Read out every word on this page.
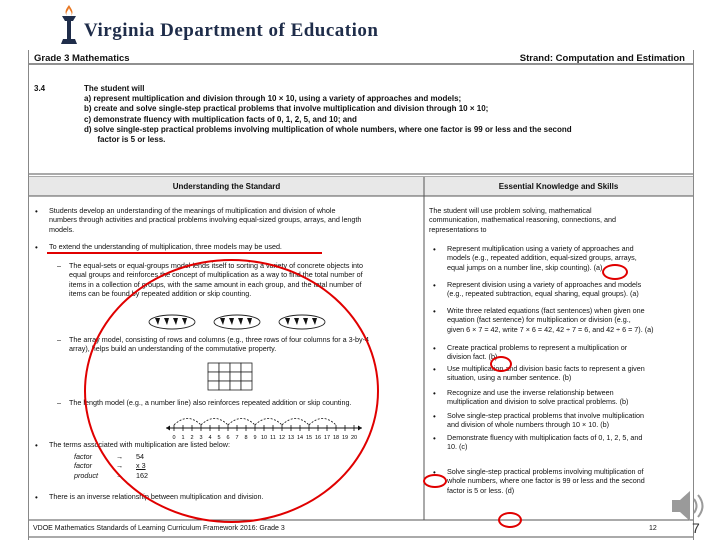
Virginia Department of Education
Grade 3 Mathematics	Strand: Computation and Estimation
3.4	The student will
a) represent multiplication and division through 10 × 10, using a variety of approaches and models;
b) create and solve single-step practical problems that involve multiplication and division through 10 × 10;
c) demonstrate fluency with multiplication facts of 0, 1, 2, 5, and 10; and
d) solve single-step practical problems involving multiplication of whole numbers, where one factor is 99 or less and the second
factor is 5 or less.
Understanding the Standard	Essential Knowledge and Skills
• Students develop an understanding of the meanings of multiplication and division of whole
numbers through activities and practical problems involving equal-sized groups, arrays, and length
models.
• To extend the understanding of multiplication, three models may be used.
– The equal-sets or equal-groups model lends itself to sorting a variety of concrete objects into
equal groups and reinforces the concept of multiplication as a way to find the total number of
items in a collection of groups, with the same amount in each group, and the total number of
items can be found by repeated addition or skip counting.
– The array model, consisting of rows and columns (e.g., three rows of four columns for a 3-by-4
array), helps build an understanding of the commutative property.
– The length model (e.g., a number line) also reinforces repeated addition or skip counting.
0 1 2 3 4 5 6 7 8 9 10 11 12 13 14 15 16 17 18 19 20
• The terms associated with multiplication are listed below:
factor	→ 54
factor	→ x 3
product	→ 162
• There is an inverse relationship between multiplication and division.
The student will use problem solving, mathematical
communication, mathematical reasoning, connections, and
representations to
• Represent multiplication using a variety of approaches and
models (e.g., repeated addition, equal-sized groups, arrays,
equal jumps on a number line, skip counting). (a)
• Represent division using a variety of approaches and models
(e.g., repeated subtraction, equal sharing, equal groups). (a)
• Write three related equations (fact sentences) when given one
equation (fact sentence) for multiplication or division (e.g.,
given 6 × 7 = 42, write 7 × 6 = 42, 42 ÷ 7 = 6, and 42 ÷ 6 = 7). (a)
• Create practical problems to represent a multiplication or
division fact. (b)
• Use multiplication and division basic facts to represent a given
situation, using a number sentence. (b)
• Recognize and use the inverse relationship between
multiplication and division to solve practical problems. (b)
• Solve single-step practical problems that involve multiplication
and division of whole numbers through 10 × 10. (b)
• Demonstrate fluency with multiplication facts of 0, 1, 2, 5, and
10. (c)
• Solve single-step practical problems involving multiplication of
whole numbers, where one factor is 99 or less and the second
factor is 5 or less. (d)
VDOE Mathematics Standards of Learning Curriculum Framework 2016: Grade 3	12	7
